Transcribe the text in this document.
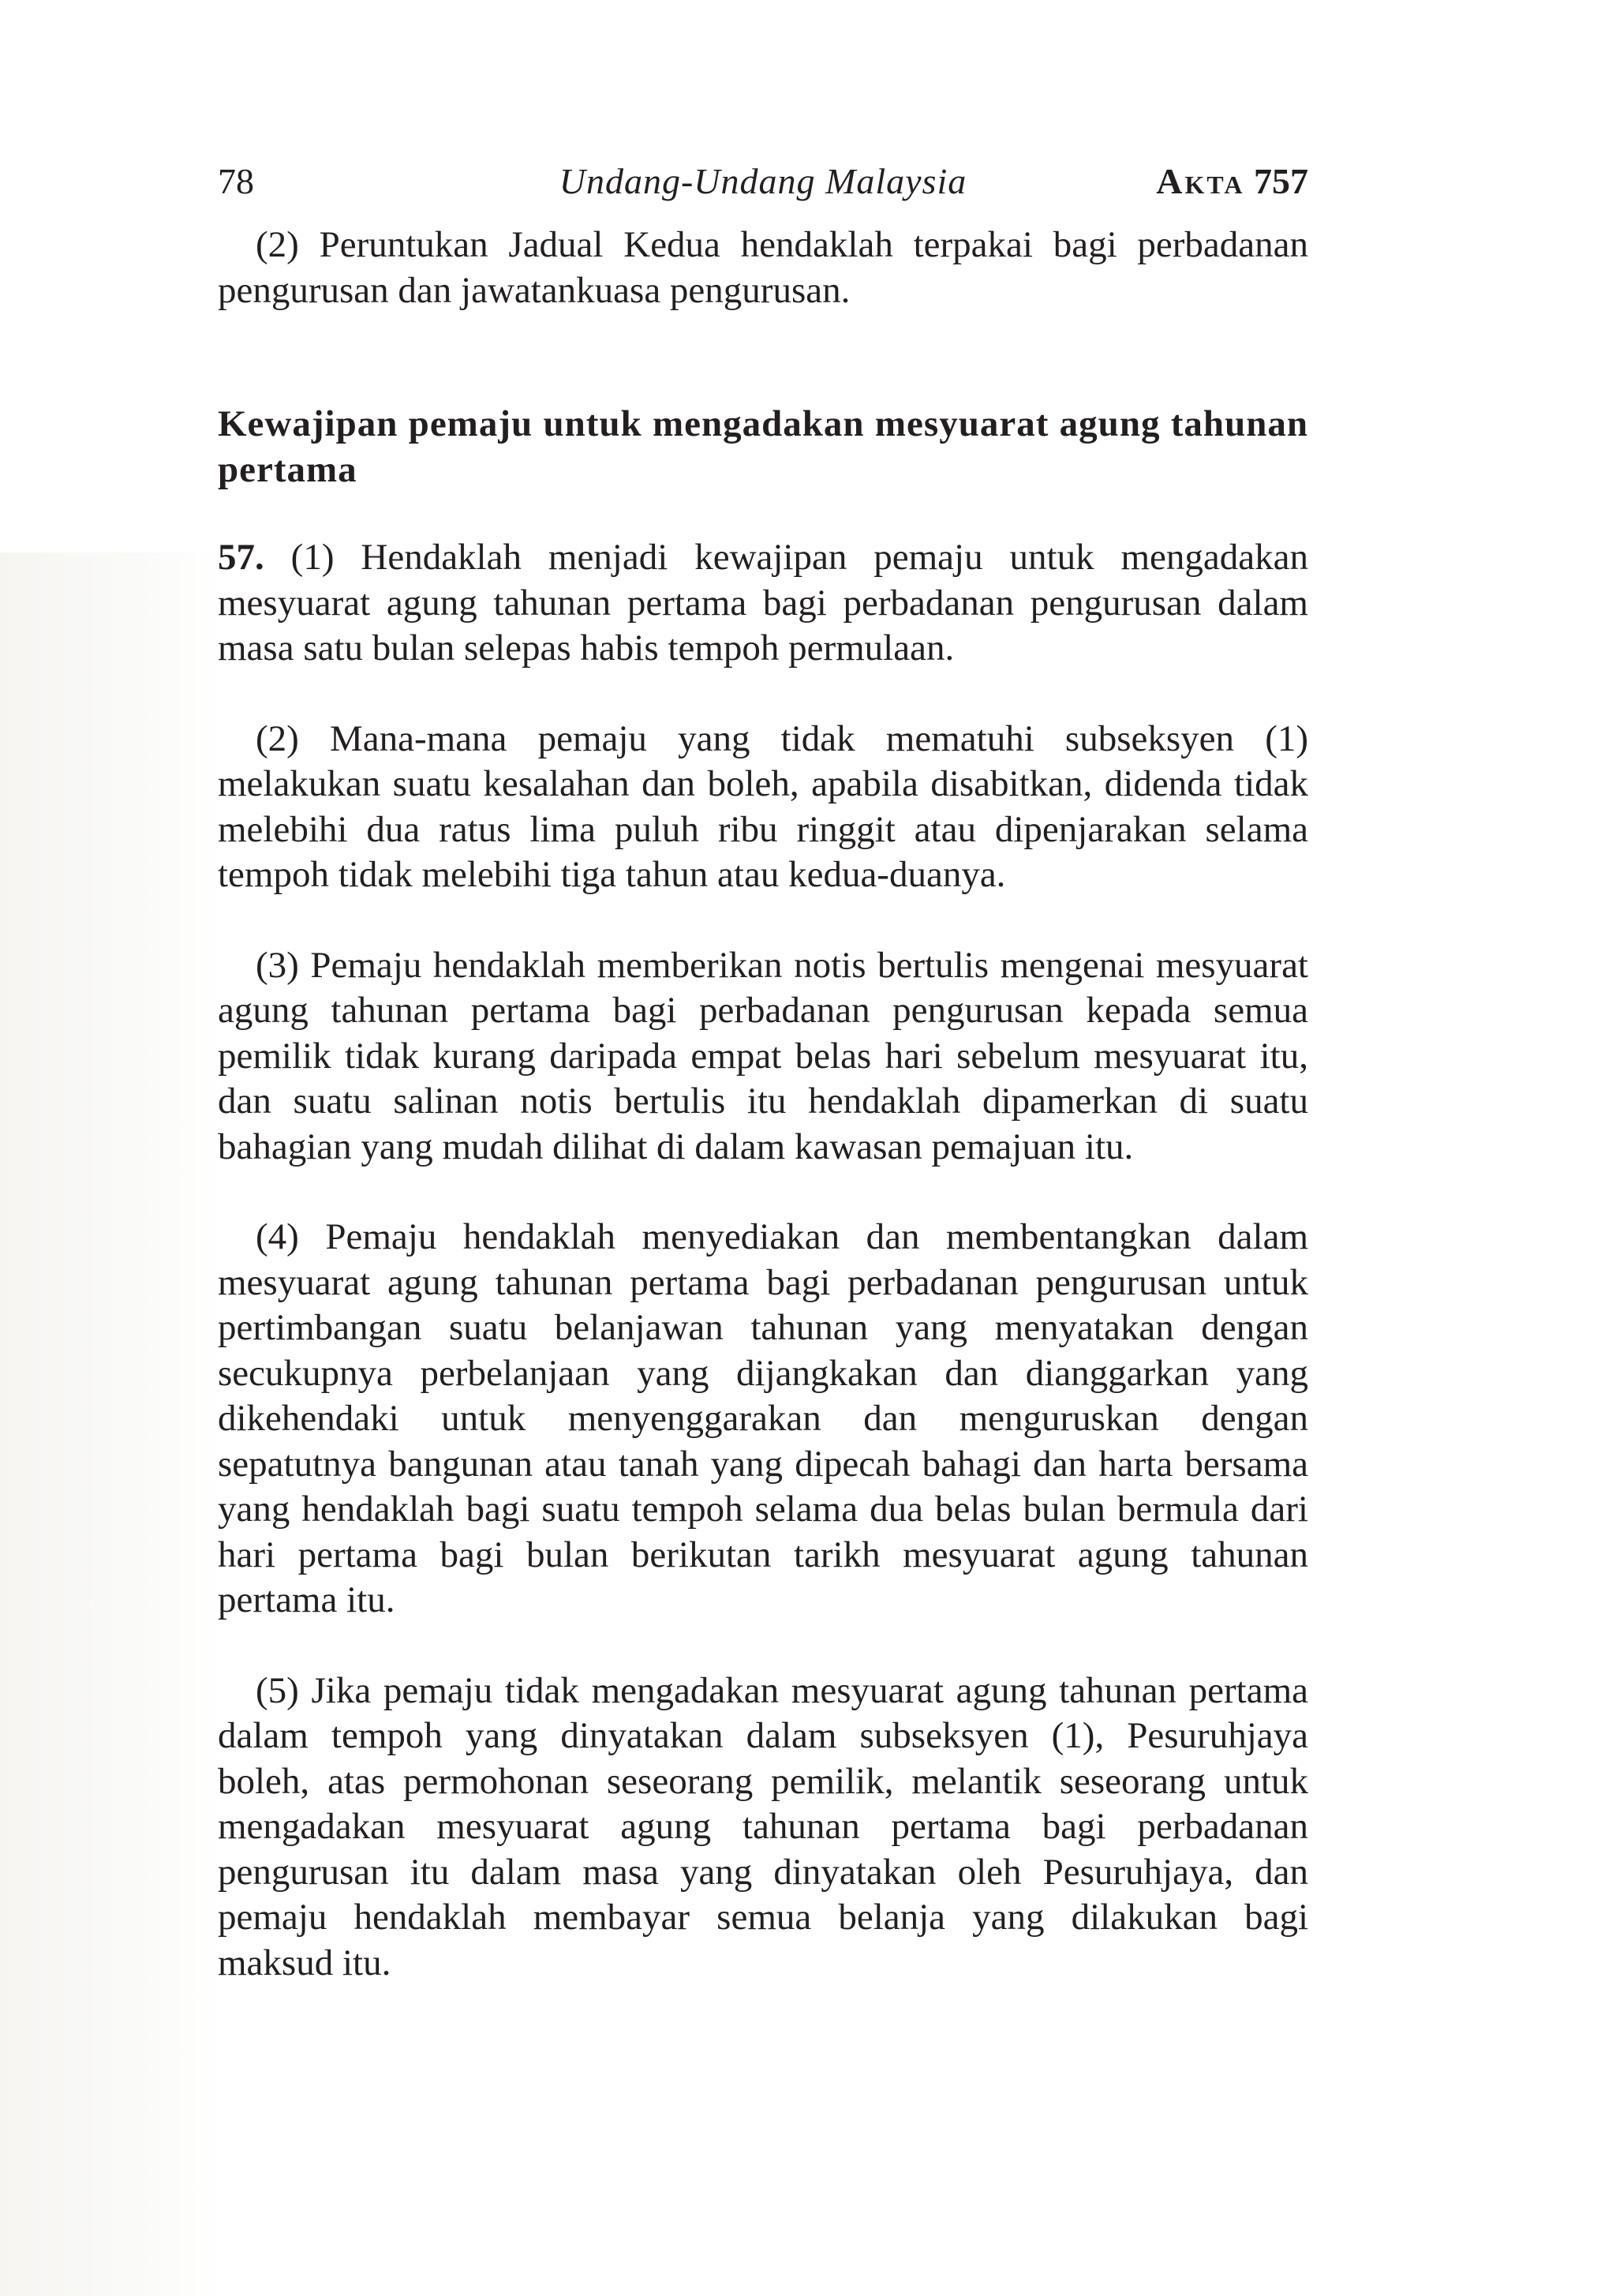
78	Undang-Undang Malaysia	Akta 757

(2) Peruntukan Jadual Kedua hendaklah terpakai bagi perbadanan pengurusan dan jawatankuasa pengurusan.

Kewajipan pemaju untuk mengadakan mesyuarat agung tahunan pertama

57. (1) Hendaklah menjadi kewajipan pemaju untuk mengadakan mesyuarat agung tahunan pertama bagi perbadanan pengurusan dalam masa satu bulan selepas habis tempoh permulaan.

(2) Mana-mana pemaju yang tidak mematuhi subseksyen (1) melakukan suatu kesalahan dan boleh, apabila disabitkan, didenda tidak melebihi dua ratus lima puluh ribu ringgit atau dipenjarakan selama tempoh tidak melebihi tiga tahun atau kedua-duanya.

(3) Pemaju hendaklah memberikan notis bertulis mengenai mesyuarat agung tahunan pertama bagi perbadanan pengurusan kepada semua pemilik tidak kurang daripada empat belas hari sebelum mesyuarat itu, dan suatu salinan notis bertulis itu hendaklah dipamerkan di suatu bahagian yang mudah dilihat di dalam kawasan pemajuan itu.

(4) Pemaju hendaklah menyediakan dan membentangkan dalam mesyuarat agung tahunan pertama bagi perbadanan pengurusan untuk pertimbangan suatu belanjawan tahunan yang menyatakan dengan secukupnya perbelanjaan yang dijangkakan dan dianggarkan yang dikehendaki untuk menyenggarakan dan menguruskan dengan sepatutnya bangunan atau tanah yang dipecah bahagi dan harta bersama yang hendaklah bagi suatu tempoh selama dua belas bulan bermula dari hari pertama bagi bulan berikutan tarikh mesyuarat agung tahunan pertama itu.

(5) Jika pemaju tidak mengadakan mesyuarat agung tahunan pertama dalam tempoh yang dinyatakan dalam subseksyen (1), Pesuruhjaya boleh, atas permohonan seseorang pemilik, melantik seseorang untuk mengadakan mesyuarat agung tahunan pertama bagi perbadanan pengurusan itu dalam masa yang dinyatakan oleh Pesuruhjaya, dan pemaju hendaklah membayar semua belanja yang dilakukan bagi maksud itu.
